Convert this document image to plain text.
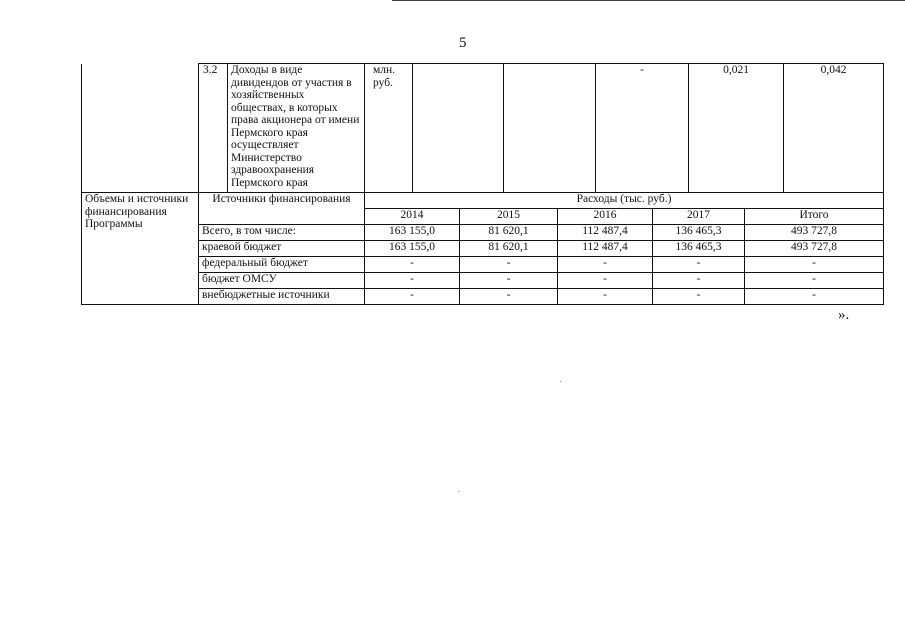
5
	3.2	Доходы в виде дивидендов от участия в хозяйственных обществах, в которых права акционера от имени Пермского края осуществляет Министерство здравоохранения Пермского края	млн. руб.					-		0,021		0,042
Объемы и источники финансирования Программы	Источники финансирования		Расходы (тыс. руб.)									
			2014		2015		2016		2017		Итого	
	Всего, в том числе:		163 155,0		81 620,1		112 487,4		136 465,3		493 727,8	
	краевой бюджет		163 155,0		81 620,1		112 487,4		136 465,3		493 727,8	
	федеральный бюджет		-		-		-		-		-	
	бюджет ОМСУ		-		-		-		-		-	
	внебюджетные источники		-		-		-		-		-	
».
